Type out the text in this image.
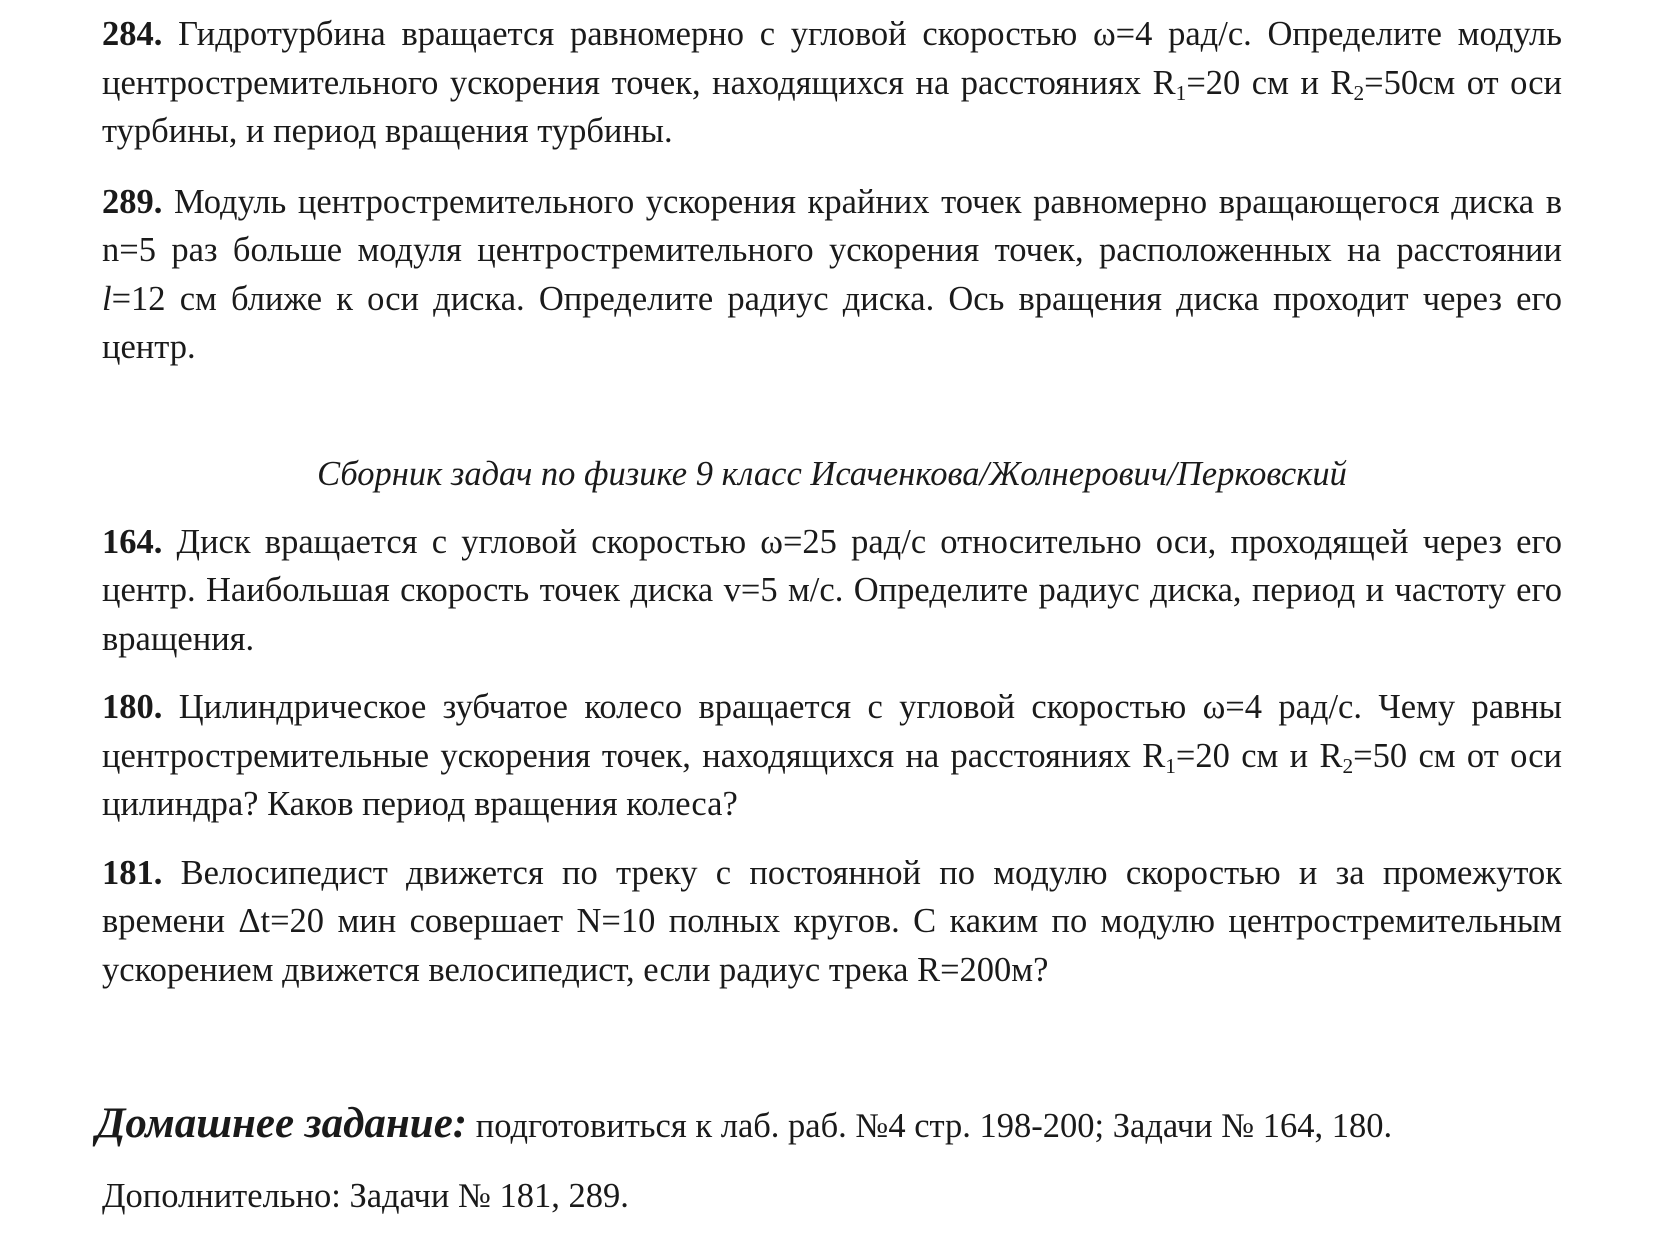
284. Гидротурбина вращается равномерно с угловой скоростью ω=4 рад/с. Определите модуль центростремительного ускорения точек, находящихся на расстояниях $R_1=20$ см и $R_2=50см$ от оси турбины, и период вращения турбины.

289. Модуль центростремительного ускорения крайних точек равномерно вращающегося диска в n=5 раз больше модуля центростремительного ускорения точек, расположенных на расстоянии l=12 см ближе к оси диска. Определите радиус диска. Ось вращения диска проходит через его центр.

Сборник задач по физике 9 класс Исаченкова/Жолнерович/Перковский

164. Диск вращается с угловой скоростью ω=25 рад/с относительно оси, проходящей через его центр. Наибольшая скорость точек диска v=5 м/с. Определите радиус диска, период и частоту его вращения.

180. Цилиндрическое зубчатое колесо вращается с угловой скоростью ω=4 рад/с. Чему равны центростремительные ускорения точек, находящихся на расстояниях $R_1=20$ см и $R_2=50$ см от оси цилиндра? Каков период вращения колеса?

181. Велосипедист движется по треку с постоянной по модулю скоростью и за промежуток времени Δt=20 мин совершает N=10 полных кругов. С каким по модулю центростремительным ускорением движется велосипедист, если радиус трека R=200м?

Домашнее задание: подготовиться к лаб. раб. №4 стр. 198-200; Задачи № 164, 180.

Дополнительно: Задачи № 181, 289.
